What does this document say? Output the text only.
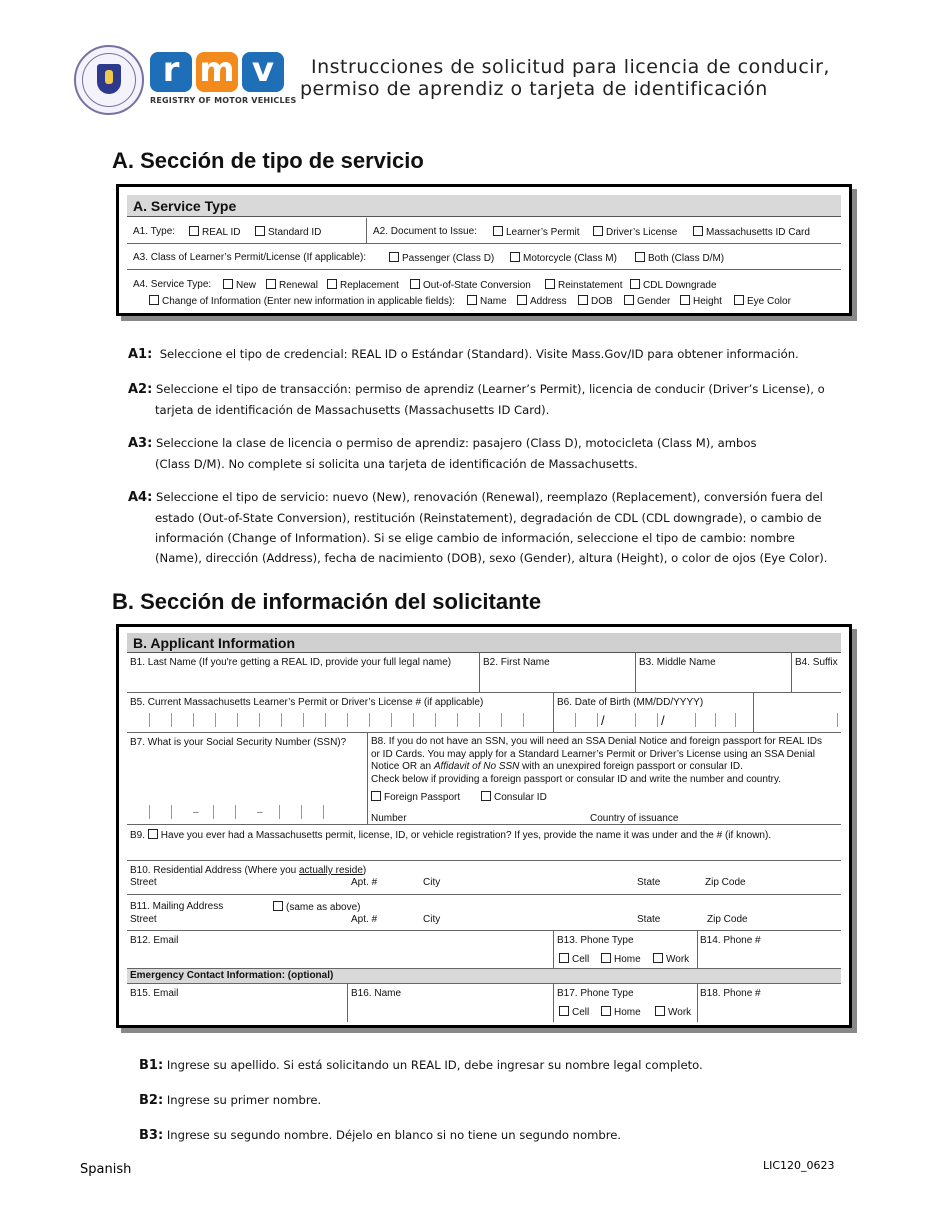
r m v
REGISTRY OF MOTOR VEHICLES
Instrucciones de solicitud para licencia de conducir,
permiso de aprendiz o tarjeta de identificación
A. Sección de tipo de servicio
A. Service Type
A1. Type:	REAL ID	Standard ID	A2. Document to Issue:	Learner’s Permit	Driver’s License	Massachusetts ID Card
A3. Class of Learner’s Permit/License (If applicable):	Passenger (Class D)	Motorcycle (Class M)	Both (Class D/M)
A4. Service Type:	New	Renewal	Replacement	Out-of-State Conversion	Reinstatement	CDL Downgrade
Change of Information (Enter new information in applicable fields):	Name	Address	DOB	Gender	Height	Eye Color
A1: Seleccione el tipo de credencial: REAL ID o Estándar (Standard). Visite Mass.Gov/ID para obtener información.
A2: Seleccione el tipo de transacción: permiso de aprendiz (Learner’s Permit), licencia de conducir (Driver’s License), o
tarjeta de identificación de Massachusetts (Massachusetts ID Card).
A3: Seleccione la clase de licencia o permiso de aprendiz: pasajero (Class D), motocicleta (Class M), ambos
(Class D/M). No complete si solicita una tarjeta de identificación de Massachusetts.
A4: Seleccione el tipo de servicio: nuevo (New), renovación (Renewal), reemplazo (Replacement), conversión fuera del
estado (Out-of-State Conversion), restitución (Reinstatement), degradación de CDL (CDL downgrade), o cambio de
información (Change of Information). Si se elige cambio de información, seleccione el tipo de cambio: nombre
(Name), dirección (Address), fecha de nacimiento (DOB), sexo (Gender), altura (Height), o color de ojos (Eye Color).
B. Sección de información del solicitante
B. Applicant Information
B1. Last Name (If you're getting a REAL ID, provide your full legal name)	B2. First Name	B3. Middle Name	B4. Suffix
B5. Current Massachusetts Learner’s Permit or Driver’s License # (if applicable)	B6. Date of Birth (MM/DD/YYYY)
/	/
B7. What is your Social Security Number (SSN)?
–	–
B8. If you do not have an SSN, you will need an SSA Denial Notice and foreign passport for REAL IDs
or ID Cards. You may apply for a Standard Learner’s Permit or Driver’s License using an SSA Denial
Notice OR an Affidavit of No SSN with an unexpired foreign passport or consular ID.
Check below if providing a foreign passport or consular ID and write the number and country.
Foreign Passport	Consular ID
Number	Country of issuance
B9. Have you ever had a Massachusetts permit, license, ID, or vehicle registration? If yes, provide the name it was under and the # (if known).
B10. Residential Address (Where you actually reside)
Street	Apt. #	City	State	Zip Code
B11. Mailing Address	(same as above)
Street	Apt. #	City	State	Zip Code
B12. Email	B13. Phone Type
Cell	Home	Work
B14. Phone #
Emergency Contact Information: (optional)
B15. Email	B16. Name	B17. Phone Type
Cell	Home	Work
B18. Phone #
B1: Ingrese su apellido. Si está solicitando un REAL ID, debe ingresar su nombre legal completo.
B2: Ingrese su primer nombre.
B3: Ingrese su segundo nombre. Déjelo en blanco si no tiene un segundo nombre.
Spanish	LIC120_0623
